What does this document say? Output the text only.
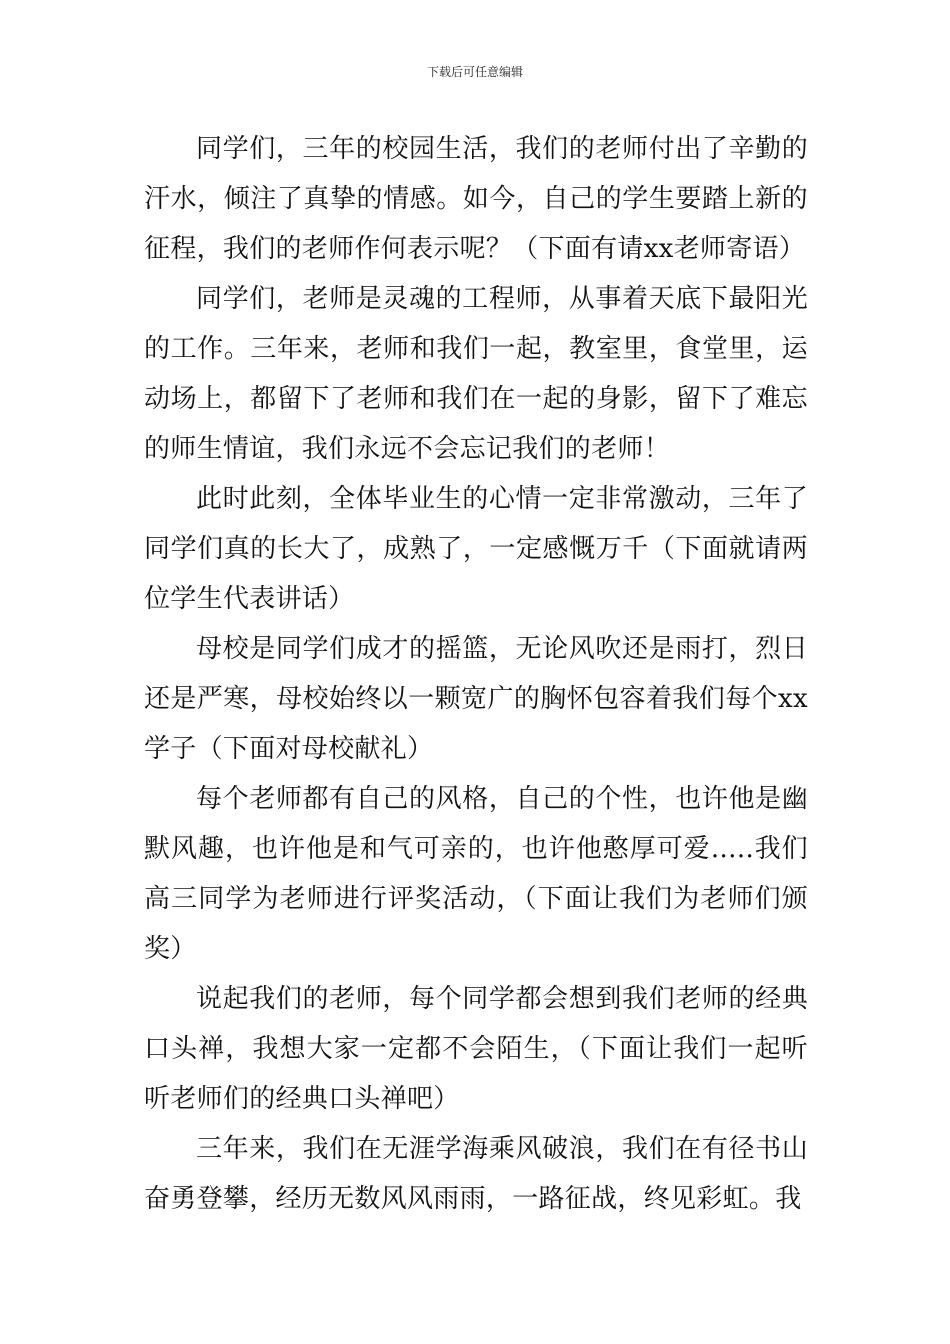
下载后可任意编辑

同学们，三年的校园生活，我们的老师付出了辛勤的汗水，倾注了真挚的情感。如今，自己的学生要踏上新的征程，我们的老师作何表示呢？（下面有请xx老师寄语）

同学们，老师是灵魂的工程师，从事着天底下最阳光的工作。三年来，老师和我们一起，教室里，食堂里，运动场上，都留下了老师和我们在一起的身影，留下了难忘的师生情谊，我们永远不会忘记我们的老师！

此时此刻，全体毕业生的心情一定非常激动，三年了同学们真的长大了，成熟了，一定感慨万千（下面就请两位学生代表讲话）

母校是同学们成才的摇篮，无论风吹还是雨打，烈日还是严寒，母校始终以一颗宽广的胸怀包容着我们每个xx学子（下面对母校献礼）

每个老师都有自己的风格，自己的个性，也许他是幽默风趣，也许他是和气可亲的，也许他憨厚可爱…..我们高三同学为老师进行评奖活动，（下面让我们为老师们颁奖）

说起我们的老师，每个同学都会想到我们老师的经典口头禅，我想大家一定都不会陌生，（下面让我们一起听听老师们的经典口头禅吧）

三年来，我们在无涯学海乘风破浪，我们在有径书山奋勇登攀，经历无数风风雨雨，一路征战，终见彩虹。我
